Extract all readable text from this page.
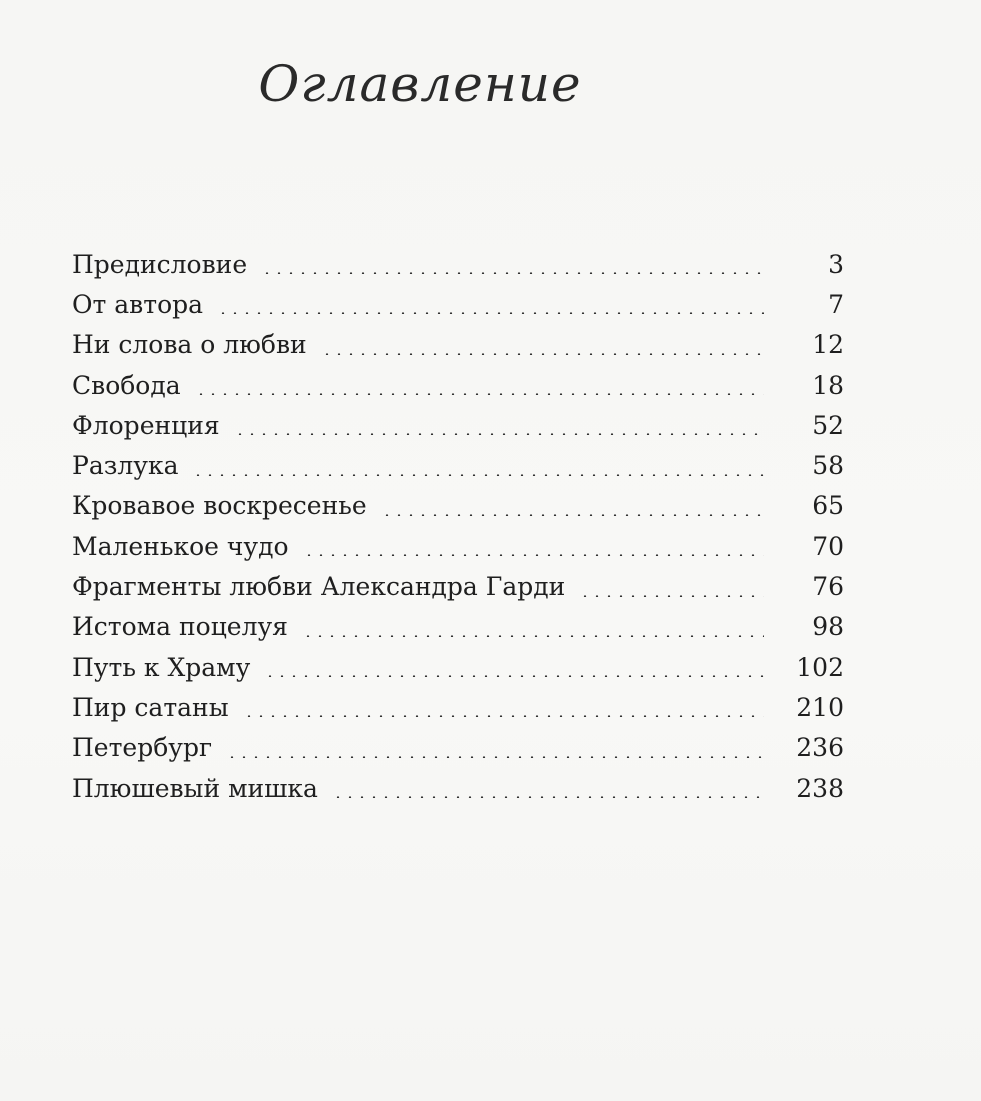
Оглавление
Предисловие	3
От автора	7
Ни слова о любви	12
Свобода	18
Флоренция	52
Разлука	58
Кровавое воскресенье	65
Маленькое чудо	70
Фрагменты любви Александра Гарди	76
Истома поцелуя	98
Путь к Храму	102
Пир сатаны	210
Петербург	236
Плюшевый мишка	238
